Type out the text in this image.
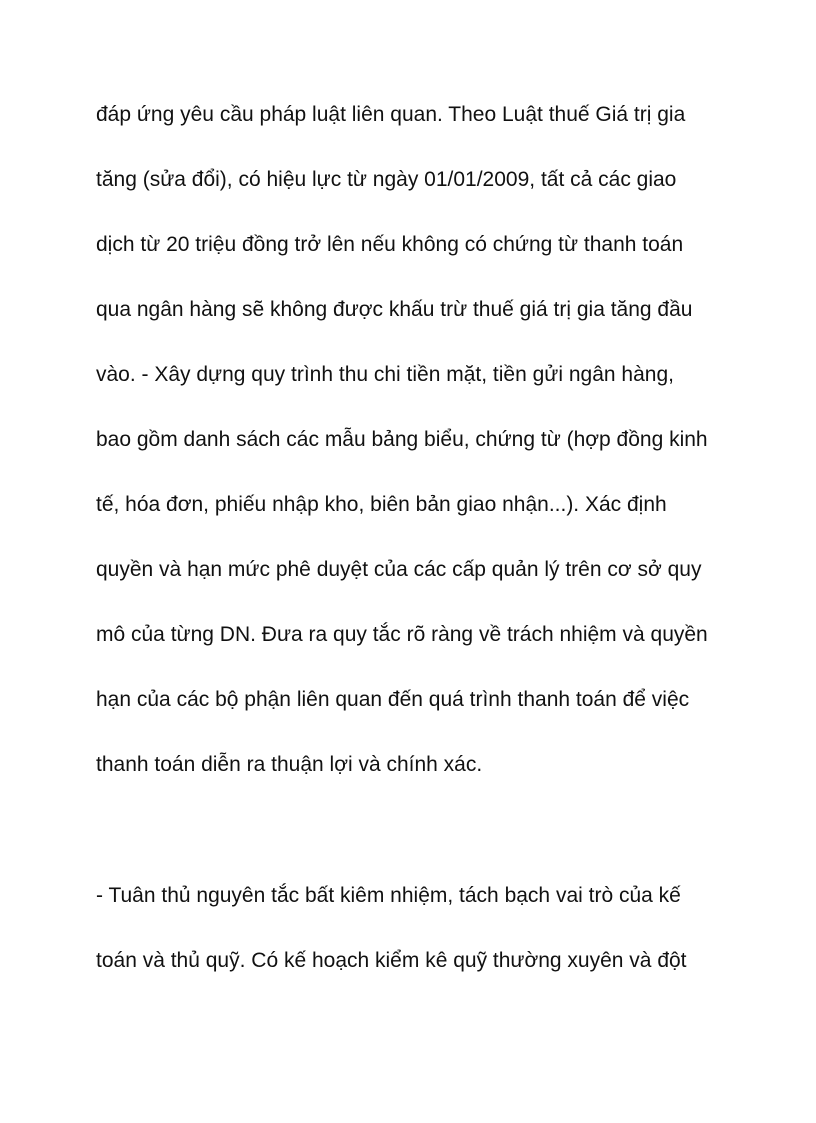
đáp ứng yêu cầu pháp luật liên quan. Theo Luật thuế Giá trị gia

tăng (sửa đổi), có hiệu lực từ ngày 01/01/2009, tất cả các giao

dịch từ 20 triệu đồng trở lên nếu không có chứng từ thanh toán

qua ngân hàng sẽ không được khấu trừ thuế giá trị gia tăng đầu

vào. - Xây dựng quy trình thu chi tiền mặt, tiền gửi ngân hàng,

bao gồm danh sách các mẫu bảng biểu, chứng từ (hợp đồng kinh

tế, hóa đơn, phiếu nhập kho, biên bản giao nhận...). Xác định

quyền và hạn mức phê duyệt của các cấp quản lý trên cơ sở quy

mô của từng DN. Đưa ra quy tắc rõ ràng về trách nhiệm và quyền

hạn của các bộ phận liên quan đến quá trình thanh toán để việc

thanh toán diễn ra thuận lợi và chính xác.

- Tuân thủ nguyên tắc bất kiêm nhiệm, tách bạch vai trò của kế

toán và thủ quỹ. Có kế hoạch kiểm kê quỹ thường xuyên và đột
